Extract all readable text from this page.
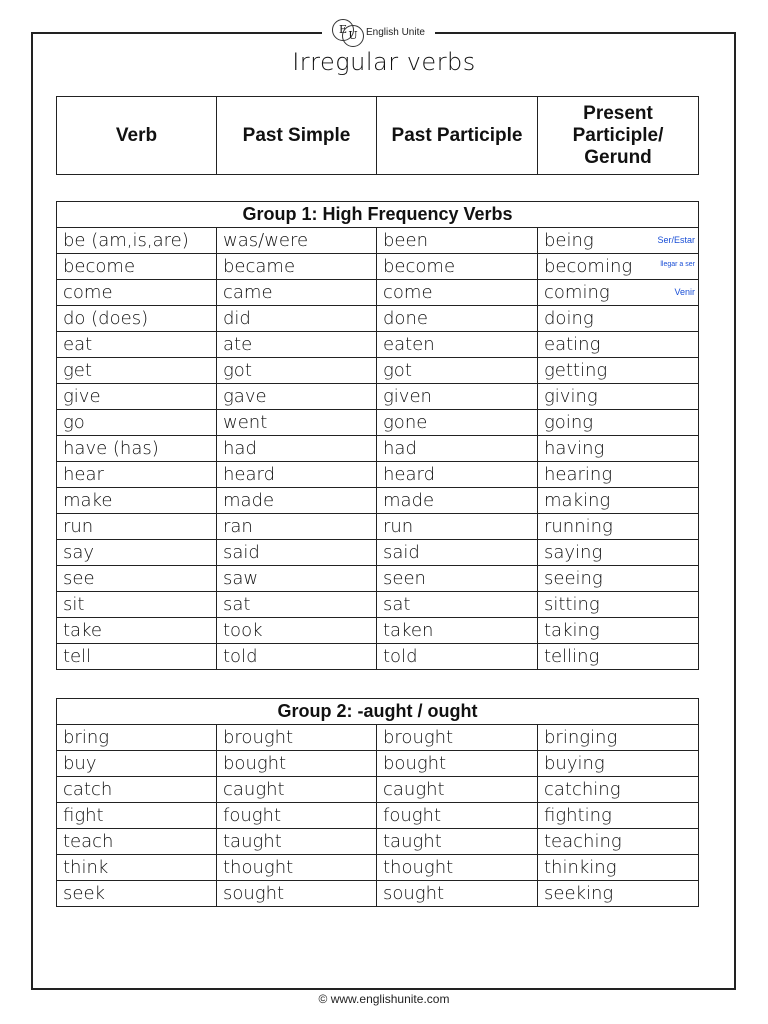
E U English Unite
Irregular verbs
Verb	Past Simple	Past Participle	Present Participle/ Gerund
Group 1: High Frequency Verbs			
be (am,is,are)	was/were	been	being Ser/Estar

become	became	become	becoming llegar a ser

come	came	come	coming Venir

do (does)	did	done	doing
eat	ate	eaten	eating
get	got	got	getting
give	gave	given	giving
go	went	gone	going
have (has)	had	had	having
hear	heard	heard	hearing
make	made	made	making
run	ran	run	running
say	said	said	saying
see	saw	seen	seeing
sit	sat	sat	sitting
take	took	taken	taking
tell	told	told	telling
Group 2: -aught / ought			
bring	brought	brought	bringing
buy	bought	bought	buying
catch	caught	caught	catching
fight	fought	fought	fighting
teach	taught	taught	teaching
think	thought	thought	thinking
seek	sought	sought	seeking
© www.englishunite.com
